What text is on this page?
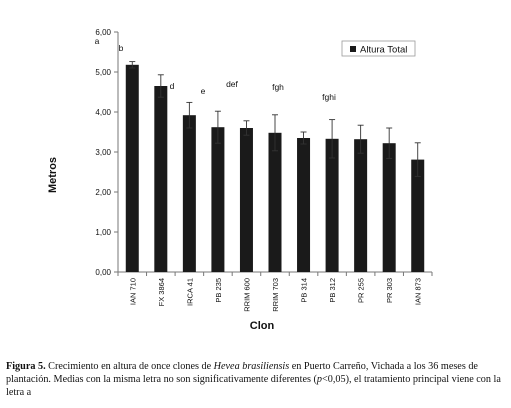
0,00
1,00
2,00
3,00
4,00
5,00
6,00
IAN 710	FX 3864	IRCA 41	PB 235	RRIM 600	RRIM 703	PB 314	PB 312	PR 255	PR 303	IAN 873
a
b
d	e
def	fgh
fghi
Metros
Clon
Altura Total
Figura 5. Crecimiento en altura de once clones de Hevea brasiliensis en Puerto Carreño, Vichada a los 36 meses de plantación. Medias con la misma letra no son significativamente diferentes (p<0,05), el tratamiento principal viene con la letra a
